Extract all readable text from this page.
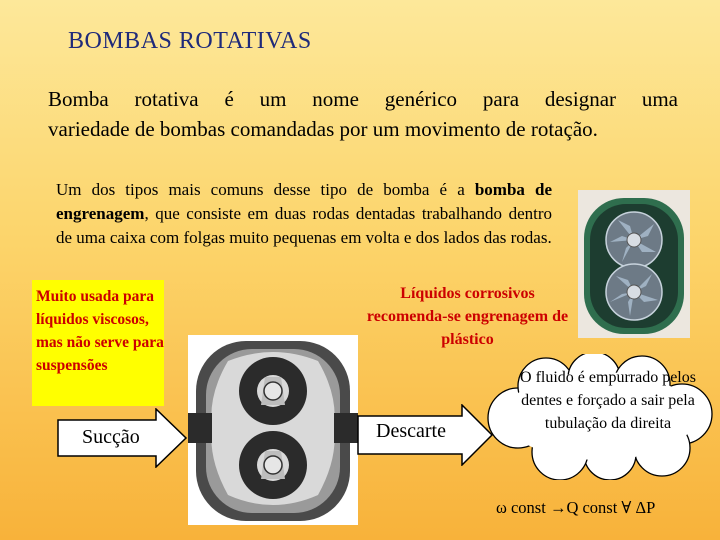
BOMBAS ROTATIVAS
Bomba rotativa é um nome genérico para designar uma
variedade de bombas comandadas por um movimento de rotação.
Um dos tipos mais comuns desse tipo de bomba é a bomba de engrenagem, que consiste em duas rodas dentadas trabalhando dentro de uma caixa com folgas muito pequenas em volta e dos lados das rodas.
Muito usada para líquidos viscosos, mas não serve para suspensões
Líquidos corrosivos recomenda-se engrenagem de plástico
Sucção	Descarte
O fluido é empurrado pelos dentes e forçado a sair pela tubulação da direita
ω const →Q const ∀ ΔP
